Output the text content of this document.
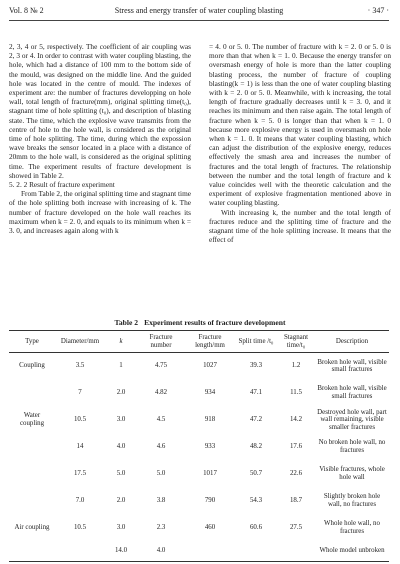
Vol. 8 № 2	Stress and energy transfer of water coupling blasting	· 347 ·

2, 3, 4 or 5, respectively. The coefficient of air coupling was 2, 3 or 4. In order to contrast with water coupling blasting, the hole, which had a distance of 100 mm to the bottom side of the mould, was designed on the middle line. And the guided hole was located in the centre of mould. The indexes of experiment are: the number of fractures developping on hole wall, total length of fracture(mm), original splitting time(t₀), stagnant time of hole splitting (t₀), and description of blasting state. The time, which the explosive wave transmits from the centre of hole to the hole wall, is considered as the original time of hole splitting. The time, during which the expossion wave breaks the sensor located in a place with a distance of 20mm to the hole wall, is considered as the original splitting time. The experiment results of fracture development is showed in Table 2.

5. 2. 2 Result of fracture experiment

From Table 2, the original splitting time and stagnant time of the hole splitting both increase with increasing of k. The number of fracture developed on the hole wall reaches its maximum when k = 2. 0, and equals to its minimum when k = 3. 0, and increases again along with k

= 4. 0 or 5. 0. The number of fracture with k = 2. 0 or 5. 0 is more than that when k = 1. 0. Because the energy transfer on oversmash energy of hole is more than the latter coupling blasting process, the number of fracture of coupling blasting(k = 1) is less than the one of water coupling blasting with k = 2. 0 or 5. 0. Meanwhile, with k increasing, the total length of fracture gradually decreases until k = 3. 0, and it reaches its minimum and then raise again. The total length of fracture when k = 5. 0 is longer than that when k = 1. 0 because more explosive energy is used in oversmash on hole when k = 1. 0. It means that water coupling blasting, which can adjust the distribution of the explosive energy, reduces effectively the smash area and increases the number of fractures and the total length of fractures. The relationship between the number and the total length of fracture and k value coincides well with the theoretic calculation and the experiment of explosive fragmentation mentioned above in water coupling blasting.

With increasing k, the number and the total length of fractures reduce and the splitting time of fracture and the stagnant time of the hole splitting increase. It means that the effect of

Table 2 Experiment results of fracture development
Type	Diameter/mm	k	Fracture number	Fracture length/mm	Split time /t₀	Stagnant time/t₀	Description
Coupling	3.5	1	4.75	1027	39.3	1.2	Broken hole wall, visible small fractures
	7	2.0	4.82	934	47.1	11.5	Broken hole wall, visible small fractures
Water coupling	10.5	3.0	4.5	918	47.2	14.2	Destroyed hole wall, part wall remaining, visible smaller fractures
	14	4.0	4.6	933	48.2	17.6	No broken hole wall, no fractures
	17.5	5.0	5.0	1017	50.7	22.6	Visible fractures, whole hole wall
	7.0	2.0	3.8	790	54.3	18.7	Slightly broken hole wall, no fractures
Air coupling	10.5	3.0	2.3	460	60.6	27.5	Whole hole wall, no fractures
		14.0	4.0				Whole model unbroken
